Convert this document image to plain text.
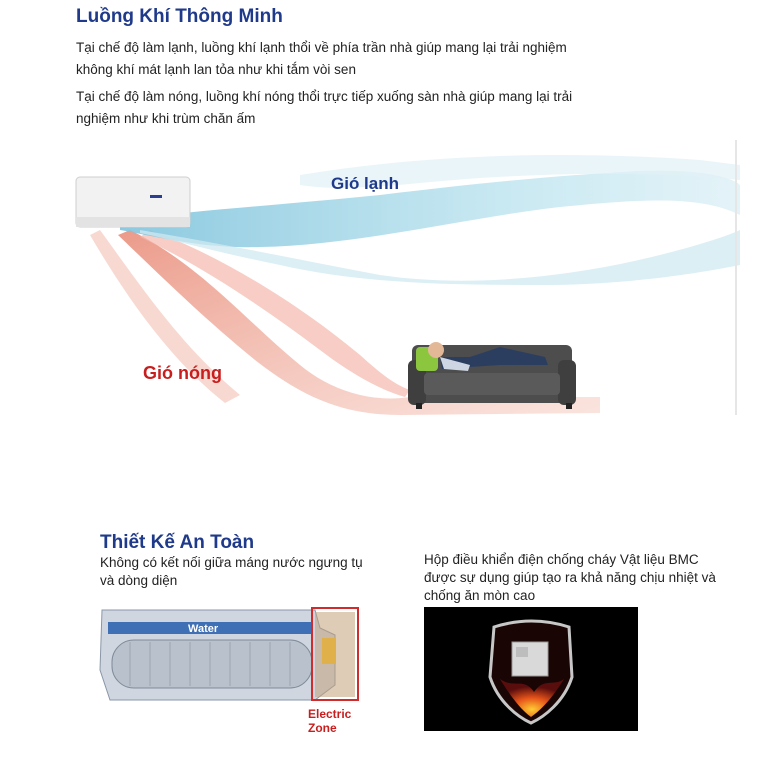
Luồng Khí Thông Minh
Tại chế độ làm lạnh, luồng khí lạnh thổi về phía trần nhà giúp mang lại trải nghiệm không khí mát lạnh lan tỏa như khi tắm vòi sen
Tại chế độ làm nóng, luồng khí nóng thổi trực tiếp xuống sàn nhà giúp mang lại trải nghiệm như khi trùm chăn ấm
Gió lạnh
Gió nóng
Thiết Kế An Toàn
Không có kết nối giữa máng nước ngưng tụ và dòng diện
Hộp điều khiển điện chống cháy Vật liệu BMC được sự dụng giúp tạo ra khả năng chịu nhiệt và chống ăn mòn cao
Water
Electric
Zone
